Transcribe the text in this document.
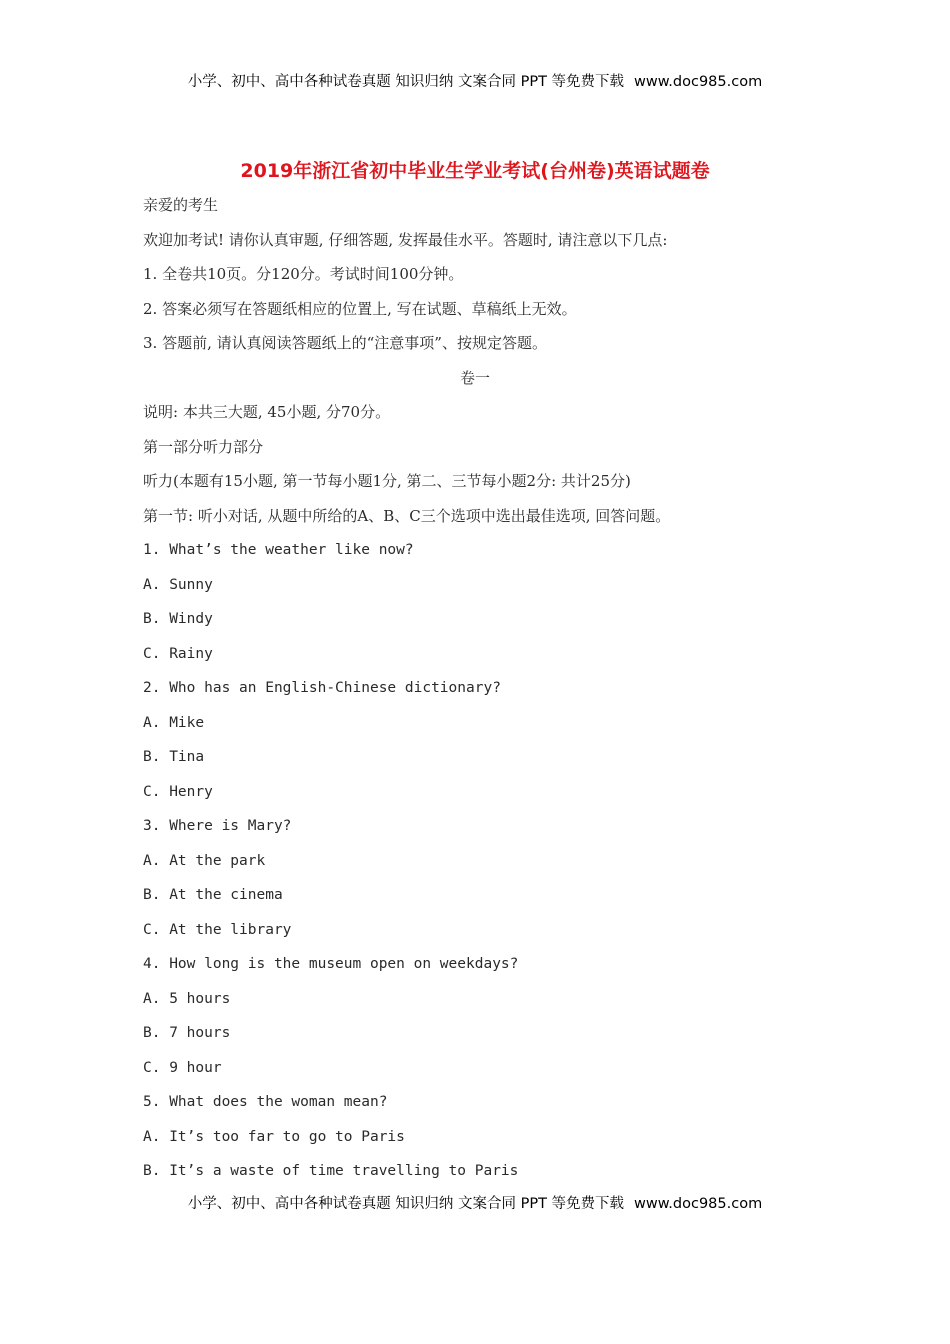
小学、初中、高中各种试卷真题 知识归纳 文案合同 PPT 等免费下载 www.doc985.com
2019年浙江省初中毕业生学业考试(台州卷)英语试题卷
亲爱的考生
欢迎加考试! 请你认真审题, 仔细答题, 发挥最佳水平。答题时, 请注意以下几点:
1. 全卷共10页。分120分。考试时间100分钟。
2. 答案必须写在答题纸相应的位置上, 写在试题、草稿纸上无效。
3. 答题前, 请认真阅读答题纸上的“注意事项”、按规定答题。
卷一
说明: 本共三大题, 45小题, 分70分。
第一部分听力部分
听力(本题有15小题, 第一节每小题1分, 第二、三节每小题2分: 共计25分)
第一节: 听小对话, 从题中所给的A、B、C三个选项中选出最佳选项, 回答问题。
1. What’s the weather like now?
A. Sunny
B. Windy
C. Rainy
2. Who has an English-Chinese dictionary?
A. Mike
B. Tina
C. Henry
3. Where is Mary?
A. At the park
B. At the cinema
C. At the library
4. How long is the museum open on weekdays?
A. 5 hours
B. 7 hours
C. 9 hour
5. What does the woman mean?
A. It’s too far to go to Paris
B. It’s a waste of time travelling to Paris
小学、初中、高中各种试卷真题 知识归纳 文案合同 PPT 等免费下载 www.doc985.com
